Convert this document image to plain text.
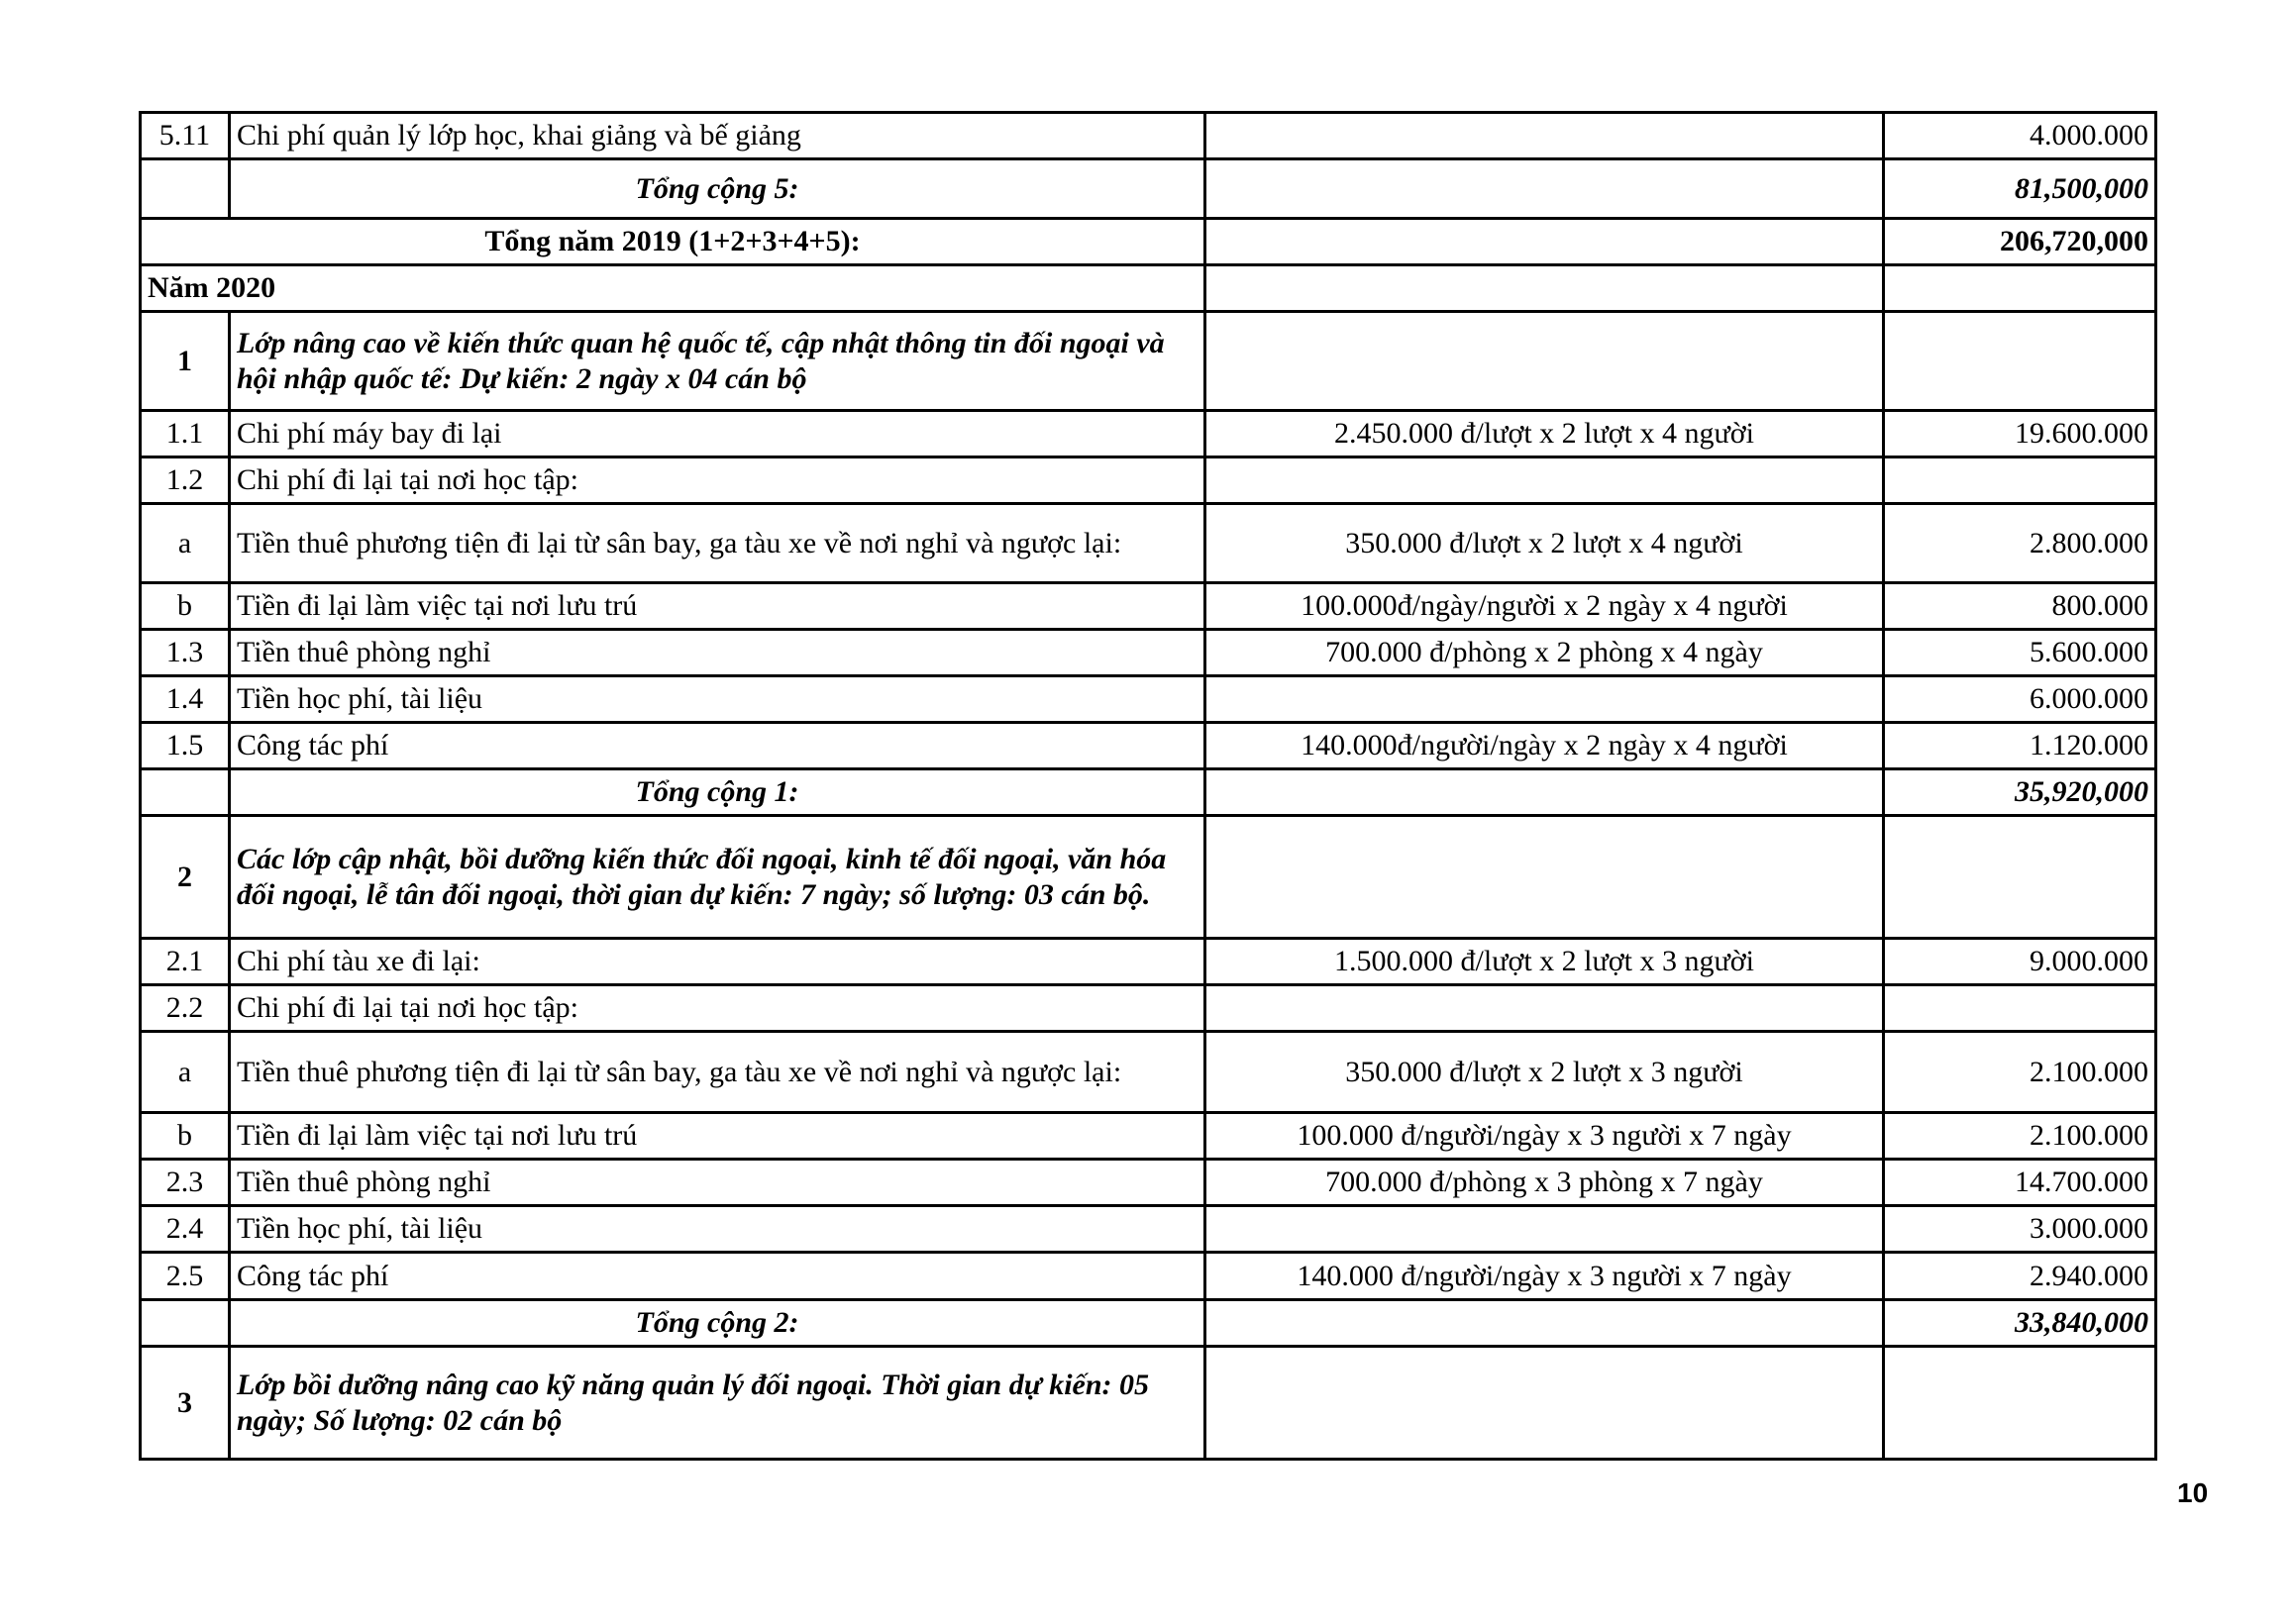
5.11	Chi phí quản lý lớp học, khai giảng và bế giảng		4.000.000
	Tổng cộng 5:		81,500,000
Tổng năm 2019 (1+2+3+4+5):			206,720,000
Năm 2020			
1	Lớp nâng cao về kiến thức quan hệ quốc tế, cập nhật thông tin đối ngoại và hội nhập quốc tế: Dự kiến: 2 ngày x 04 cán bộ		
1.1	Chi phí máy bay đi lại	2.450.000 đ/lượt x 2 lượt x 4 người	19.600.000
1.2	Chi phí đi lại tại nơi học tập:		
a	Tiền thuê phương tiện đi lại từ sân bay, ga tàu xe về nơi nghỉ và ngược lại:	350.000 đ/lượt x 2 lượt x 4 người	2.800.000
b	Tiền đi lại làm việc tại nơi lưu trú	100.000đ/ngày/người x 2 ngày x 4 người	800.000
1.3	Tiền thuê phòng nghỉ	700.000 đ/phòng x 2 phòng x 4 ngày	5.600.000
1.4	Tiền học phí, tài liệu		6.000.000
1.5	Công tác phí	140.000đ/người/ngày x 2 ngày x 4 người	1.120.000
	Tổng cộng 1:		35,920,000
2	Các lớp cập nhật, bồi dưỡng kiến thức đối ngoại, kinh tế đối ngoại, văn hóa đối ngoại, lễ tân đối ngoại, thời gian dự kiến: 7 ngày; số lượng: 03 cán bộ.		
2.1	Chi phí tàu xe đi lại:	1.500.000 đ/lượt x 2 lượt x 3 người	9.000.000
2.2	Chi phí đi lại tại nơi học tập:		
a	Tiền thuê phương tiện đi lại từ sân bay, ga tàu xe về nơi nghỉ và ngược lại:	350.000 đ/lượt x 2 lượt x 3 người	2.100.000
b	Tiền đi lại làm việc tại nơi lưu trú	100.000 đ/người/ngày x 3 người x 7 ngày	2.100.000
2.3	Tiền thuê phòng nghỉ	700.000 đ/phòng x 3 phòng x 7 ngày	14.700.000
2.4	Tiền học phí, tài liệu		3.000.000
2.5	Công tác phí	140.000 đ/người/ngày x 3 người x 7 ngày	2.940.000
	Tổng cộng 2:		33,840,000
3	Lớp bồi dưỡng nâng cao kỹ năng quản lý đối ngoại. Thời gian dự kiến: 05 ngày; Số lượng: 02 cán bộ		
10
